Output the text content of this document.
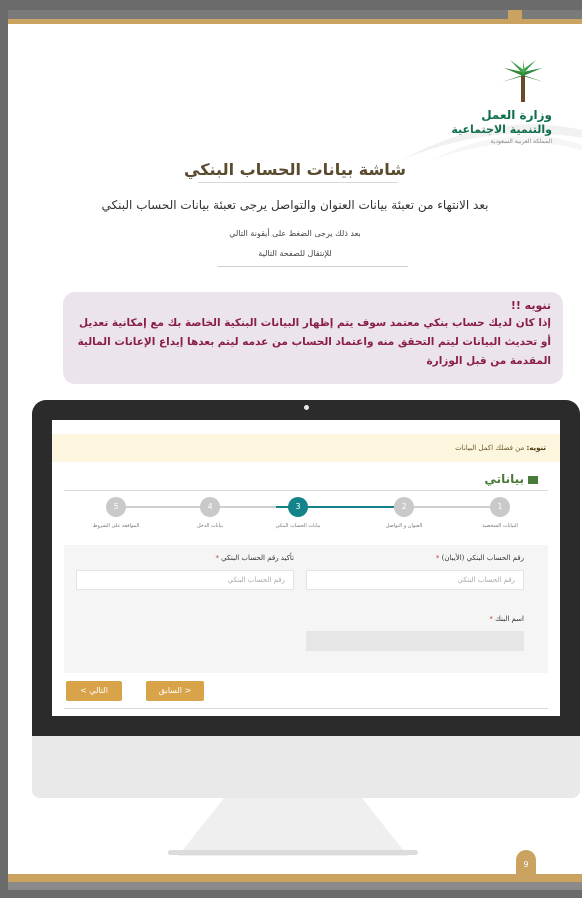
وزارة العمل
والتنمية الاجتماعية
المملكة العربية السعودية
شاشة بيانات الحساب البنكي
بعد الانتهاء من تعبئة بيانات العنوان والتواصل يرجى تعبئة بيانات الحساب البنكي
بعد ذلك يرجى الضغط على أيقونة التالي
للإنتقال للصفحة التالية
تنويه !!
إذا كان لديك حساب بنكي معتمد سوف يتم إظهار البيانات البنكية الخاصة بك مع إمكانية تعديل
أو تحديث البيانات ليتم التحقق منه واعتماد الحساب من عدمه ليتم بعدها إيداع الإعانات المالية
المقدمة من قبل الوزارة
تنويه: من فضلك اكمل البيانات
بياناتي
1
البيانات الشخصية
2
العنوان و التواصل
3
بيانات الحساب البنكي
4
بيانات الدخل
5
الموافقة على الشروط
رقم الحساب البنكي (الأيبان) *
رقم الحساب البنكي
تأكيد رقم الحساب البنكي *
رقم الحساب البنكي
اسم البنك *
< السابق
التالي >
9
